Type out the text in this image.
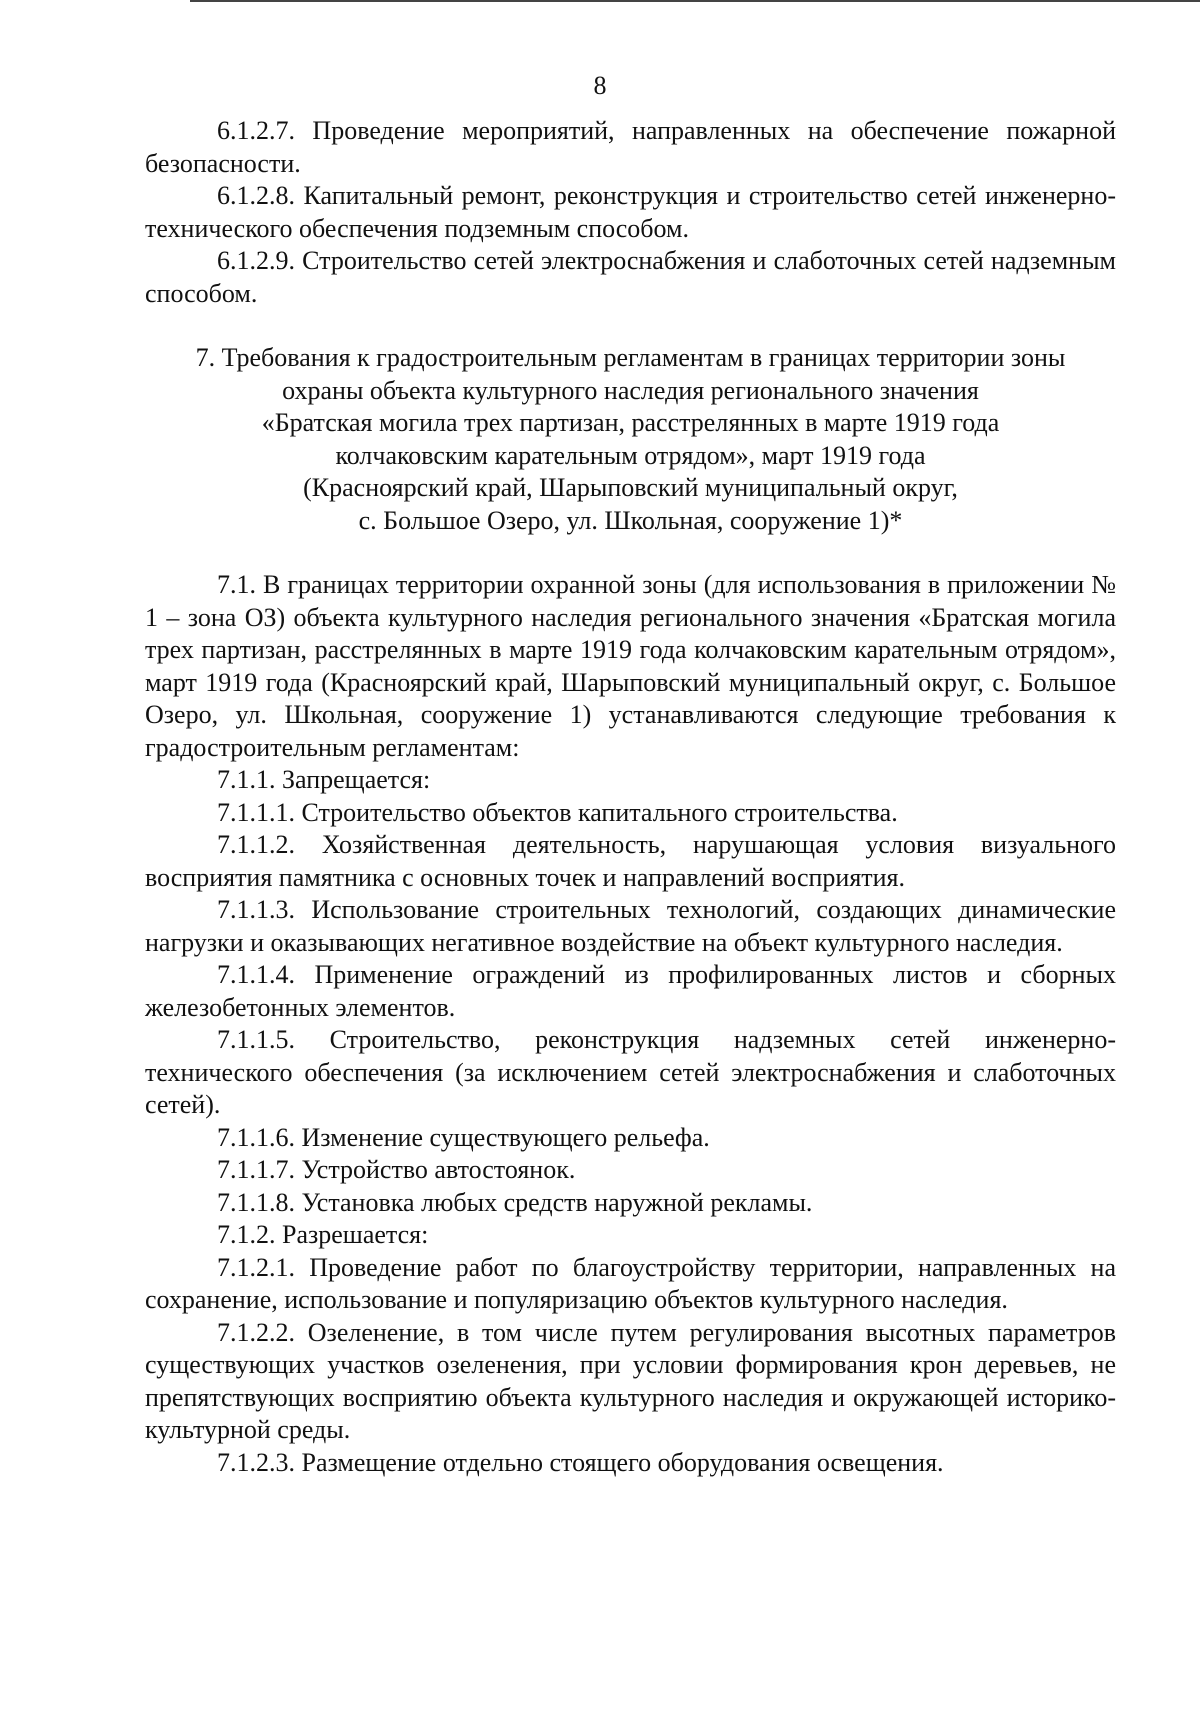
8

6.1.2.7. Проведение мероприятий, направленных на обеспечение пожарной безопасности.

6.1.2.8. Капитальный ремонт, реконструкция и строительство сетей инженерно-технического обеспечения подземным способом.

6.1.2.9. Строительство сетей электроснабжения и слаботочных сетей надземным способом.

7. Требования к градостроительным регламентам в границах территории зоны
охраны объекта культурного наследия регионального значения
«Братская могила трех партизан, расстрелянных в марте 1919 года
колчаковским карательным отрядом», март 1919 года
(Красноярский край, Шарыповский муниципальный округ,
с. Большое Озеро, ул. Школьная, сооружение 1)*

7.1. В границах территории охранной зоны (для использования в приложении № 1 – зона ОЗ) объекта культурного наследия регионального значения «Братская могила трех партизан, расстрелянных в марте 1919 года колчаковским карательным отрядом», март 1919 года (Красноярский край, Шарыповский муниципальный округ, с. Большое Озеро, ул. Школьная, сооружение 1) устанавливаются следующие требования к градостроительным регламентам:

7.1.1. Запрещается:

7.1.1.1. Строительство объектов капитального строительства.

7.1.1.2. Хозяйственная деятельность, нарушающая условия визуального восприятия памятника с основных точек и направлений восприятия.

7.1.1.3. Использование строительных технологий, создающих динамические нагрузки и оказывающих негативное воздействие на объект культурного наследия.

7.1.1.4. Применение ограждений из профилированных листов и сборных железобетонных элементов.

7.1.1.5. Строительство, реконструкция надземных сетей инженерно-технического обеспечения (за исключением сетей электроснабжения и слаботочных сетей).

7.1.1.6. Изменение существующего рельефа.

7.1.1.7. Устройство автостоянок.

7.1.1.8. Установка любых средств наружной рекламы.

7.1.2. Разрешается:

7.1.2.1. Проведение работ по благоустройству территории, направленных на сохранение, использование и популяризацию объектов культурного наследия.

7.1.2.2. Озеленение, в том числе путем регулирования высотных параметров существующих участков озеленения, при условии формирования крон деревьев, не препятствующих восприятию объекта культурного наследия и окружающей историко-культурной среды.

7.1.2.3. Размещение отдельно стоящего оборудования освещения.
